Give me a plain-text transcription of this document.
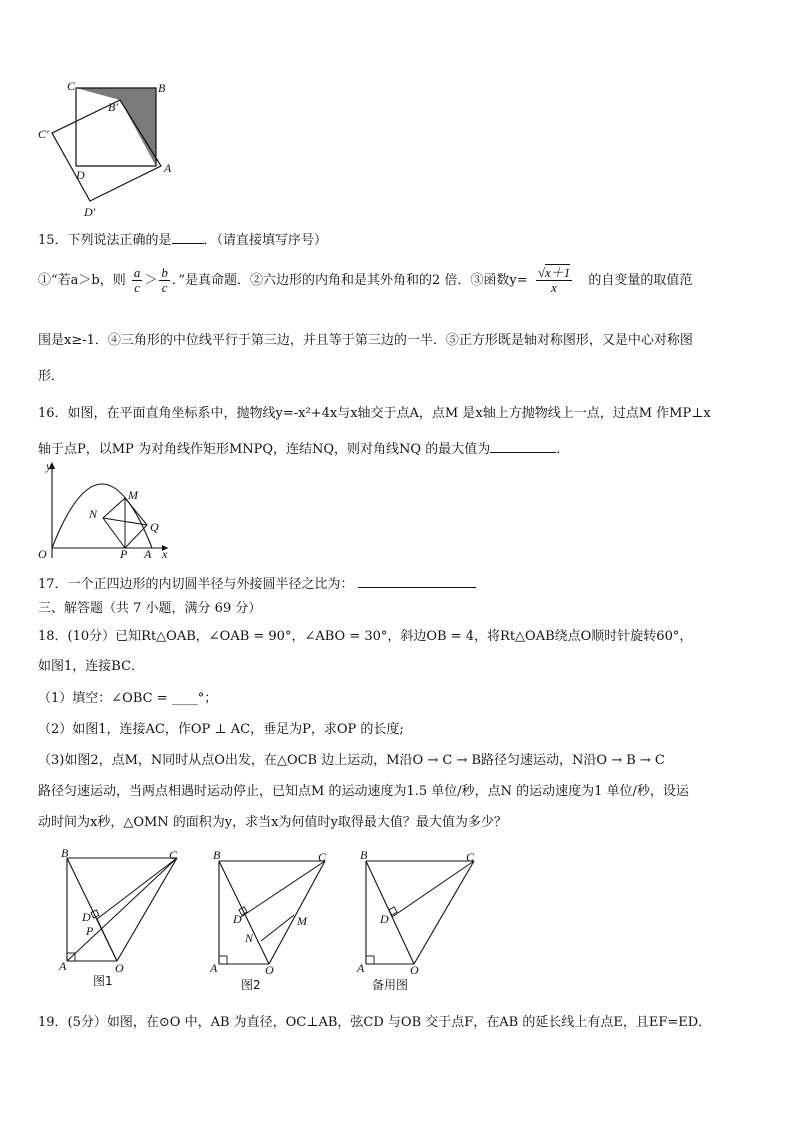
C	B
B′
C′
A
D
D′
15．下列说法正确的是 ．（请直接填写序号）
①“若a＞b，则 $\frac{a}{c} > \frac{b}{c}$ ．”是真命题．②六边形的内角和是其外角和的2 倍．③函数$y= \frac{√x+1}{x}$ 的自变量的取值范
围是x≥-1．④三角形的中位线平行于第三边，并且等于第三边的一半．⑤正方形既是轴对称图形，又是中心对称图
形．
16．如图，在平面直角坐标系中，抛物线y=-x²+4x与x轴交于点A，点M 是x轴上方抛物线上一点，过点M 作MP⊥x
轴于点P，以MP 为对角线作矩形MNPQ，连结NQ，则对角线NQ 的最大值为	．
y
M
N
Q
O	P A x
17．一个正四边形的内切圆半径与外接圆半径之比为：
三、解答题（共 7 小题，满分 69 分）
18．(10分）已知Rt△OAB，∠OAB = 90°，∠ABO = 30°，斜边OB = 4，将Rt△OAB绕点O顺时针旋转60°，
如图1，连接BC．
（1）填空：∠OBC = ____°；
（2）如图1，连接AC，作OP ⊥ AC，垂足为P，求OP 的长度;
（3)如图2，点M，N同时从点O出发，在△OCB 边上运动，M沿O → C → B路径匀速运动，N沿O → B → C
路径匀速运动，当两点相遇时运动停止，已知点M 的运动速度为1.5 单位/秒，点N 的运动速度为1 单位/秒，设运
动时间为x秒，△OMN 的面积为y，求当x为何值时y取得最大值？最大值为多少？
B	C
D
P
A	O
图1
B	C
D	M
N
A	O
图2
B	C
D
A	O
备用图
19．(5分）如图，在⊙O 中，AB 为直径，OC⊥AB，弦CD 与OB 交于点F，在AB 的延长线上有点E，且EF=ED．
